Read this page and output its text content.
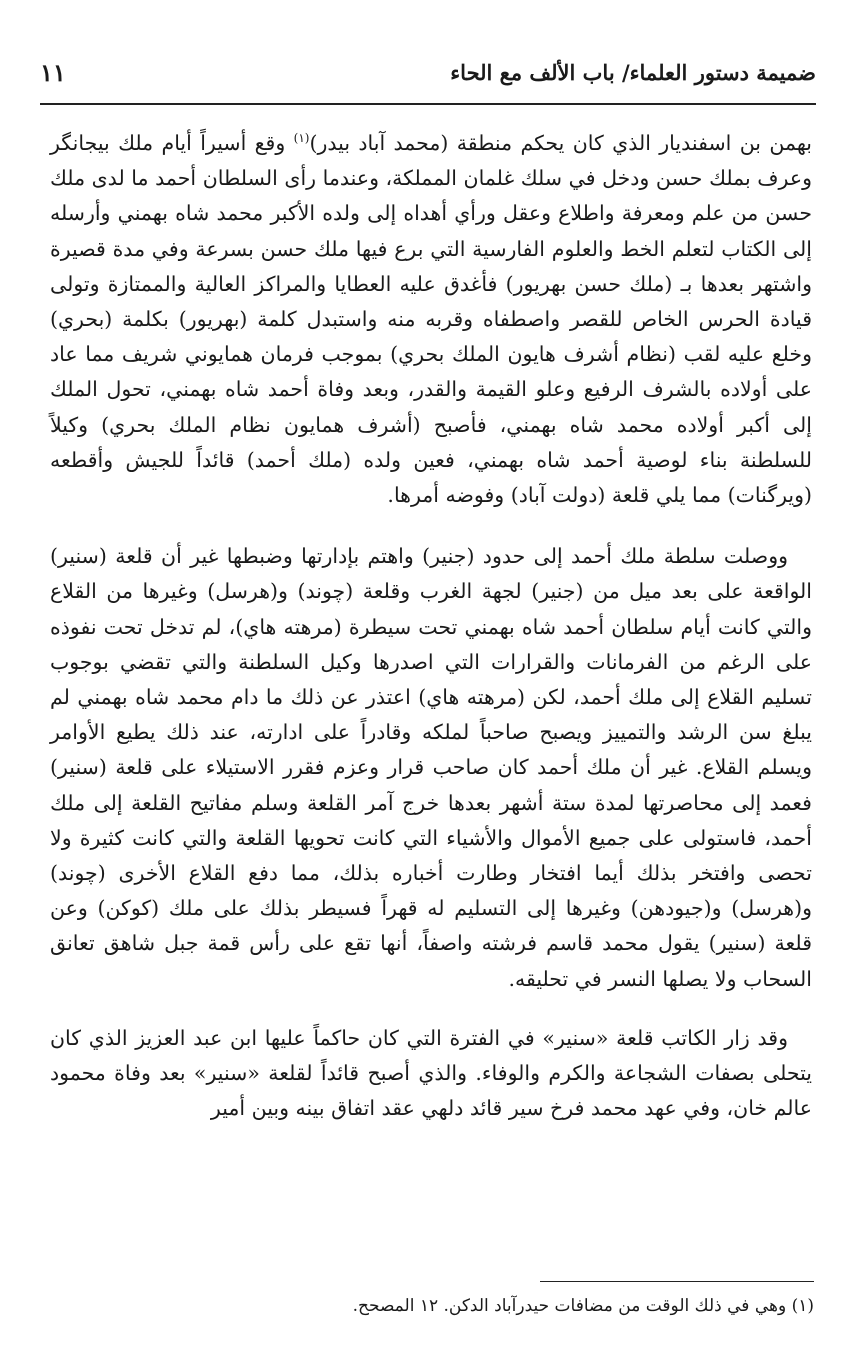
ضميمة دستور العلماء/ باب الألف مع الحاء
١١

بهمن بن اسفنديار الذي كان يحكم منطقة (محمد آباد بيدر)$^{(١)}$ وقع أسيراً أيام ملك بيجانگر وعرف بملك حسن ودخل في سلك غلمان المملكة، وعندما رأى السلطان أحمد ما لدى ملك حسن من علم ومعرفة واطلاع وعقل ورأي أهداه إلى ولده الأكبر محمد شاه بهمني وأرسله إلى الكتاب لتعلم الخط والعلوم الفارسية التي برع فيها ملك حسن بسرعة وفي مدة قصيرة واشتهر بعدها بـ (ملك حسن بهريور) فأغدق عليه العطايا والمراكز العالية والممتازة وتولى قيادة الحرس الخاص للقصر واصطفاه وقربه منه واستبدل كلمة (بهريور) بكلمة (بحري) وخلع عليه لقب (نظام أشرف هايون الملك بحري) بموجب فرمان همايوني شريف مما عاد على أولاده بالشرف الرفيع وعلو القيمة والقدر، وبعد وفاة أحمد شاه بهمني، تحول الملك إلى أكبر أولاده محمد شاه بهمني، فأصبح (أشرف همايون نظام الملك بحري) وكيلاً للسلطنة بناء لوصية أحمد شاه بهمني، فعين ولده (ملك أحمد) قائداً للجيش وأقطعه (ويرگنات) مما يلي قلعة (دولت آباد) وفوضه أمرها.

ووصلت سلطة ملك أحمد إلى حدود (جنير) واهتم بإدارتها وضبطها غير أن قلعة (سنير) الواقعة على بعد ميل من (جنير) لجهة الغرب وقلعة (چوند) و(هرسل) وغيرها من القلاع والتي كانت أيام سلطان أحمد شاه بهمني تحت سيطرة (مرهته هاي)، لم تدخل تحت نفوذه على الرغم من الفرمانات والقرارات التي اصدرها وكيل السلطنة والتي تقضي بوجوب تسليم القلاع إلى ملك أحمد، لكن (مرهته هاي) اعتذر عن ذلك ما دام محمد شاه بهمني لم يبلغ سن الرشد والتمييز ويصبح صاحباً لملكه وقادراً على ادارته، عند ذلك يطيع الأوامر ويسلم القلاع. غير أن ملك أحمد كان صاحب قرار وعزم فقرر الاستيلاء على قلعة (سنير) فعمد إلى محاصرتها لمدة ستة أشهر بعدها خرج آمر القلعة وسلم مفاتيح القلعة إلى ملك أحمد، فاستولى على جميع الأموال والأشياء التي كانت تحويها القلعة والتي كانت كثيرة ولا تحصى وافتخر بذلك أيما افتخار وطارت أخباره بذلك، مما دفع القلاع الأخرى (چوند) و(هرسل) و(جيودهن) وغيرها إلى التسليم له قهراً فسيطر بذلك على ملك (كوكن) وعن قلعة (سنير) يقول محمد قاسم فرشته واصفاً، أنها تقع على رأس قمة جبل شاهق تعانق السحاب ولا يصلها النسر في تحليقه.

وقد زار الكاتب قلعة «سنير» في الفترة التي كان حاكماً عليها ابن عبد العزيز الذي كان يتحلى بصفات الشجاعة والكرم والوفاء. والذي أصبح قائداً لقلعة «سنير» بعد وفاة محمود عالم خان، وفي عهد محمد فرخ سير قائد دلهي عقد اتفاق بينه وبين أمير

(١) وهي في ذلك الوقت من مضافات حيدرآباد الدكن. ١٢ المصحح.
